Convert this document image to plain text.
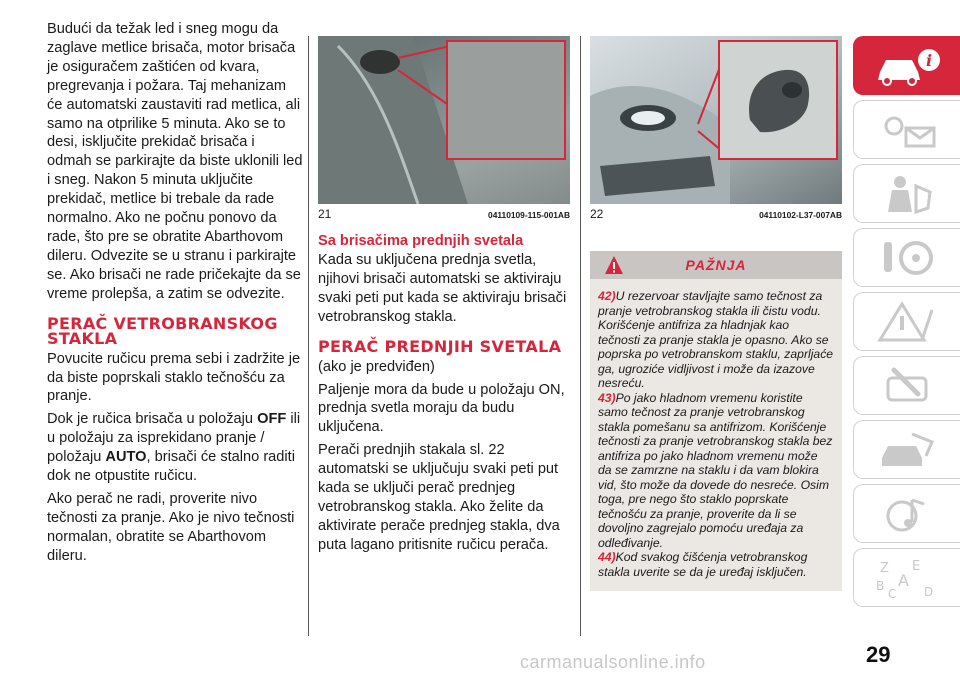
Budući da težak led i sneg mogu da zaglave metlice brisača, motor brisača je osiguračem zaštićen od kvara, pregrevanja i požara. Taj mehanizam će automatski zaustaviti rad metlica, ali samo na otprilike 5 minuta. Ako se to desi, isključite prekidač brisača i odmah se parkirajte da biste uklonili led i sneg. Nakon 5 minuta uključite prekidač, metlice bi trebale da rade normalno. Ako ne počnu ponovo da rade, što pre se obratite Abarthovom dileru. Odvezite se u stranu i parkirajte se. Ako brisači ne rade pričekajte da se vreme prolepša, a zatim se odvezite.

PERAČ VETROBRANSKOG STAKLA

Povucite ručicu prema sebi i zadržite je da biste poprskali staklo tečnošću za pranje.

Dok je ručica brisača u položaju OFF ili u položaju za isprekidano pranje / položaju AUTO, brisači će stalno raditi dok ne otpustite ručicu.

Ako perač ne radi, proverite nivo tečnosti za pranje. Ako je nivo tečnosti normalan, obratite se Abarthovom dileru.

21	04110109-115-001AB
Sa brisačima prednjih svetala

Kada su uključena prednja svetla, njihovi brisači automatski se aktiviraju svaki peti put kada se aktiviraju brisači vetrobranskog stakla.

PERAČ PREDNJIH SVETALA

(ako je predviđen)

Paljenje mora da bude u položaju ON, prednja svetla moraju da budu uključena.

Perači prednjih stakala sl. 22 automatski se uključuju svaki peti put kada se uključi perač prednjeg vetrobranskog stakla. Ako želite da aktivirate perače prednjeg stakla, dva puta lagano pritisnite ručicu perača.

22	04110102-L37-007AB
PAŽNJA

42)U rezervoar stavljajte samo tečnost za pranje vetrobranskog stakla ili čistu vodu. Korišćenje antifriza za hladnjak kao tečnosti za pranje stakla je opasno. Ako se poprska po vetrobranskom staklu, zaprljaće ga, ugroziće vidljivost i može da izazove nesreću.

43)Po jako hladnom vremenu koristite samo tečnost za pranje vetrobranskog stakla pomešanu sa antifrizom. Korišćenje tečnosti za pranje vetrobranskog stakla bez antifriza po jako hladnom vremenu može da se zamrzne na staklu i da vam blokira vid, što može da dovede do nesreće. Osim toga, pre nego što staklo poprskate tečnošću za pranje, proverite da li se dovoljno zagrejalo pomoću uređaja za odleđivanje.

44)Kod svakog čišćenja vetrobranskog stakla uverite se da je uređaj isključen.

i
Z E
A
B
C D
29
carmanualsonline.info
